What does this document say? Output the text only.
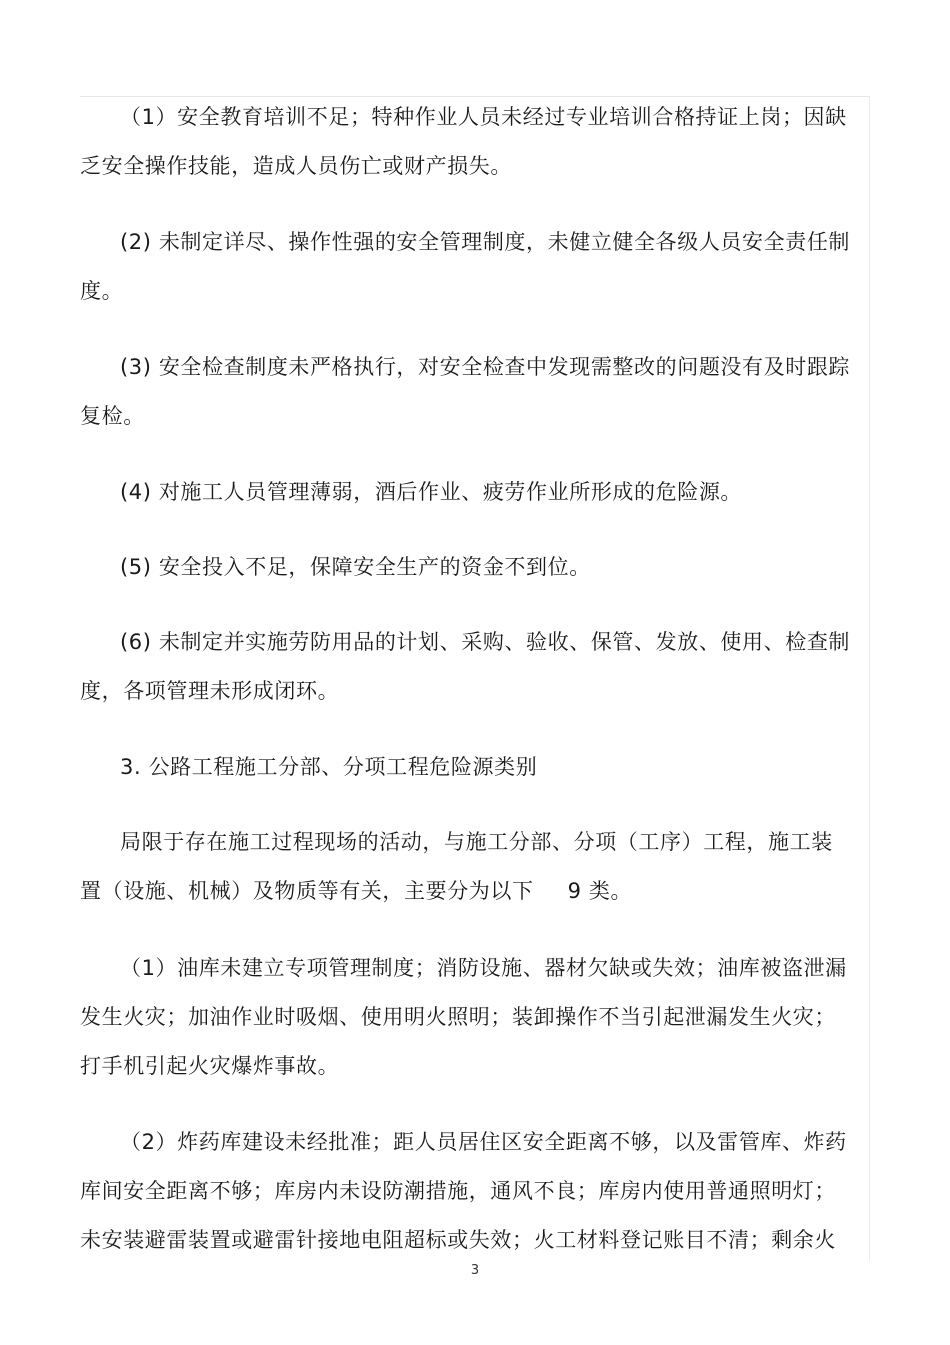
（1）安全教育培训不足；特种作业人员未经过专业培训合格持证上岗；因缺
乏安全操作技能，造成人员伤亡或财产损失。
(2) 未制定详尽、操作性强的安全管理制度，未健立健全各级人员安全责任制
度。
(3) 安全检查制度未严格执行，对安全检查中发现需整改的问题没有及时跟踪
复检。
(4) 对施工人员管理薄弱，酒后作业、疲劳作业所形成的危险源。
(5) 安全投入不足，保障安全生产的资金不到位。
(6) 未制定并实施劳防用品的计划、采购、验收、保管、发放、使用、检查制
度，各项管理未形成闭环。
3. 公路工程施工分部、分项工程危险源类别
局限于存在施工过程现场的活动，与施工分部、分项（工序）工程，施工装
置（设施、机械）及物质等有关，主要分为以下 9 类。
（1）油库未建立专项管理制度；消防设施、器材欠缺或失效；油库被盗泄漏
发生火灾；加油作业时吸烟、使用明火照明；装卸操作不当引起泄漏发生火灾；
打手机引起火灾爆炸事故。
（2）炸药库建设未经批准；距人员居住区安全距离不够，以及雷管库、炸药
库间安全距离不够；库房内未设防潮措施，通风不良；库房内使用普通照明灯；
未安装避雷装置或避雷针接地电阻超标或失效；火工材料登记账目不清；剩余火
3
